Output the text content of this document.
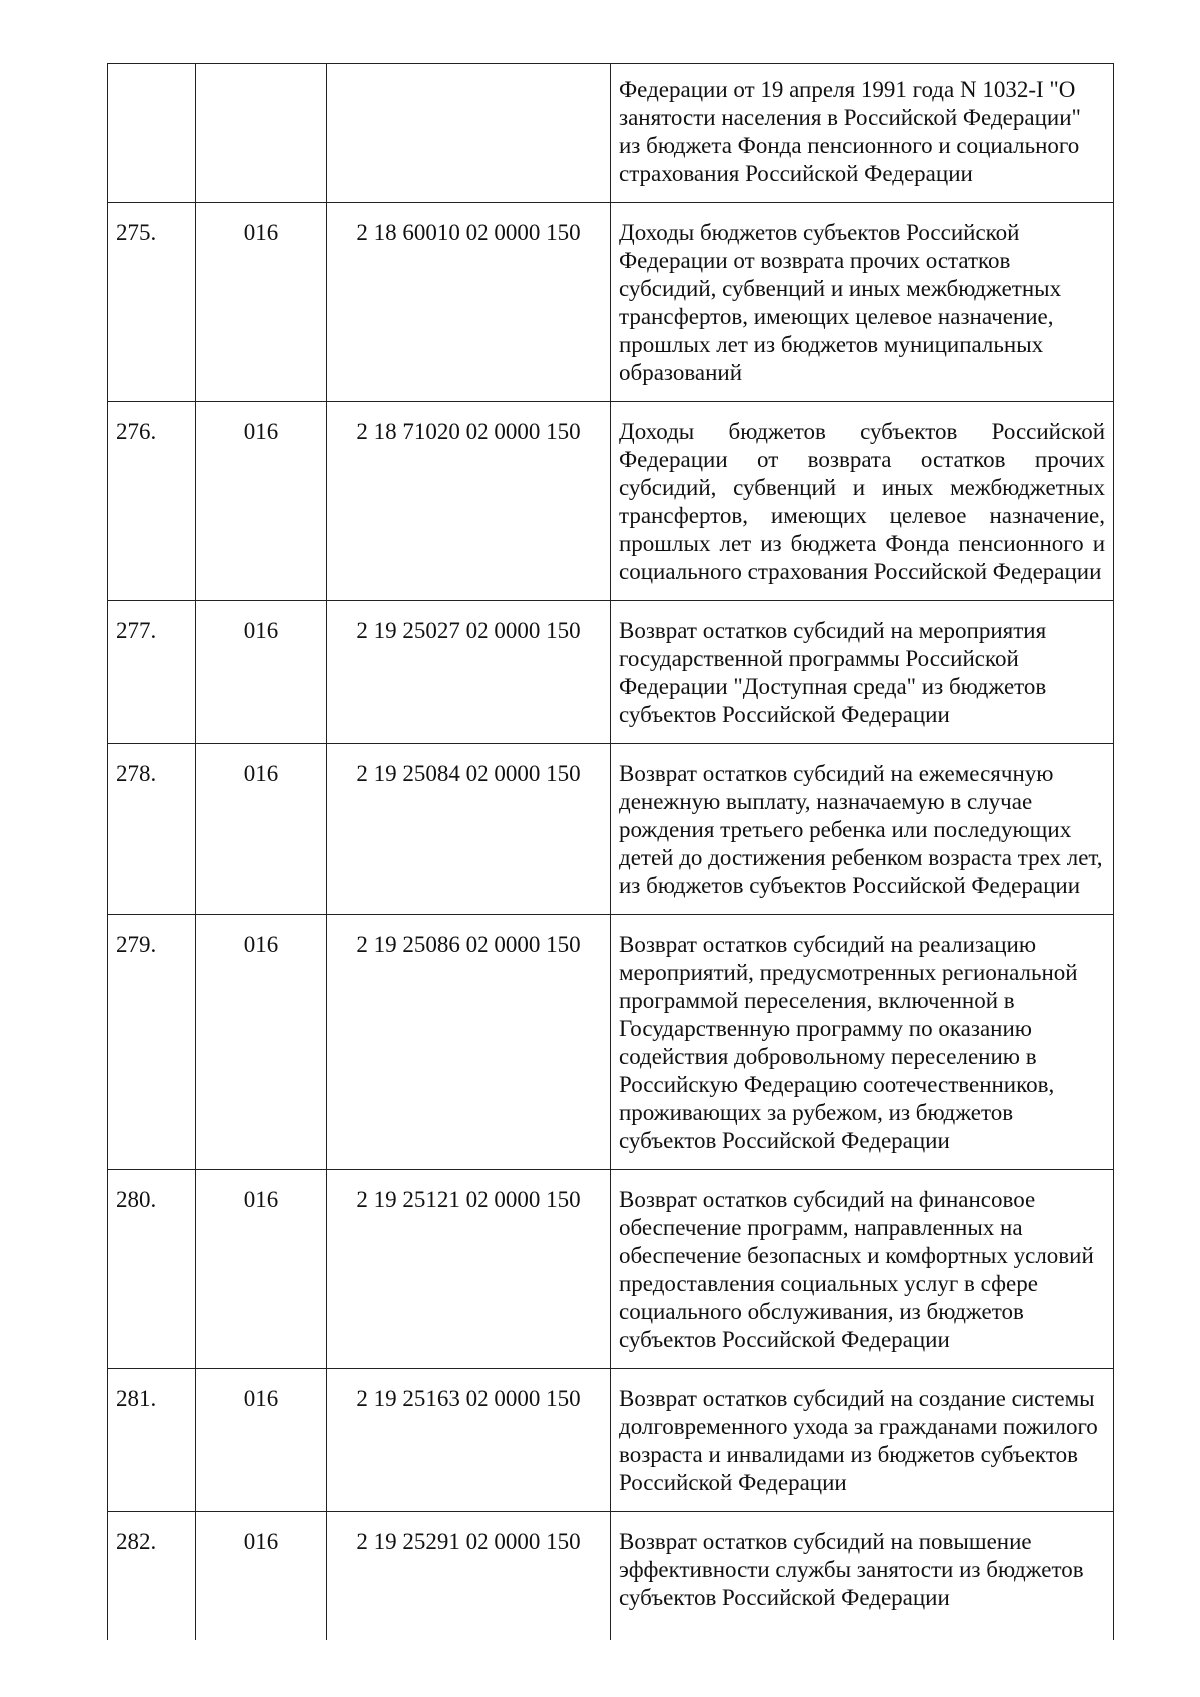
			Федерации от 19 апреля 1991 года N 1032-I "О занятости населения в Российской Федерации" из бюджета Фонда пенсионного и социального страхования Российской Федерации
275.	016	2 18 60010 02 0000 150	Доходы бюджетов субъектов Российской Федерации от возврата прочих остатков субсидий, субвенций и иных межбюджетных трансфертов, имеющих целевое назначение, прошлых лет из бюджетов муниципальных образований
276.	016	2 18 71020 02 0000 150	Доходы бюджетов субъектов Российской Федерации от возврата остатков прочих субсидий, субвенций и иных межбюджетных трансфертов, имеющих целевое назначение, прошлых лет из бюджета Фонда пенсионного и социального страхования Российской Федерации
277.	016	2 19 25027 02 0000 150	Возврат остатков субсидий на мероприятия государственной программы Российской Федерации "Доступная среда" из бюджетов субъектов Российской Федерации
278.	016	2 19 25084 02 0000 150	Возврат остатков субсидий на ежемесячную денежную выплату, назначаемую в случае рождения третьего ребенка или последующих детей до достижения ребенком возраста трех лет, из бюджетов субъектов Российской Федерации
279.	016	2 19 25086 02 0000 150	Возврат остатков субсидий на реализацию мероприятий, предусмотренных региональной программой переселения, включенной в Государственную программу по оказанию содействия добровольному переселению в Российскую Федерацию соотечественников, проживающих за рубежом, из бюджетов субъектов Российской Федерации
280.	016	2 19 25121 02 0000 150	Возврат остатков субсидий на финансовое обеспечение программ, направленных на обеспечение безопасных и комфортных условий предоставления социальных услуг в сфере социального обслуживания, из бюджетов субъектов Российской Федерации
281.	016	2 19 25163 02 0000 150	Возврат остатков субсидий на создание системы долговременного ухода за гражданами пожилого возраста и инвалидами из бюджетов субъектов Российской Федерации
282.	016	2 19 25291 02 0000 150	Возврат остатков субсидий на повышение эффективности службы занятости из бюджетов субъектов Российской Федерации
